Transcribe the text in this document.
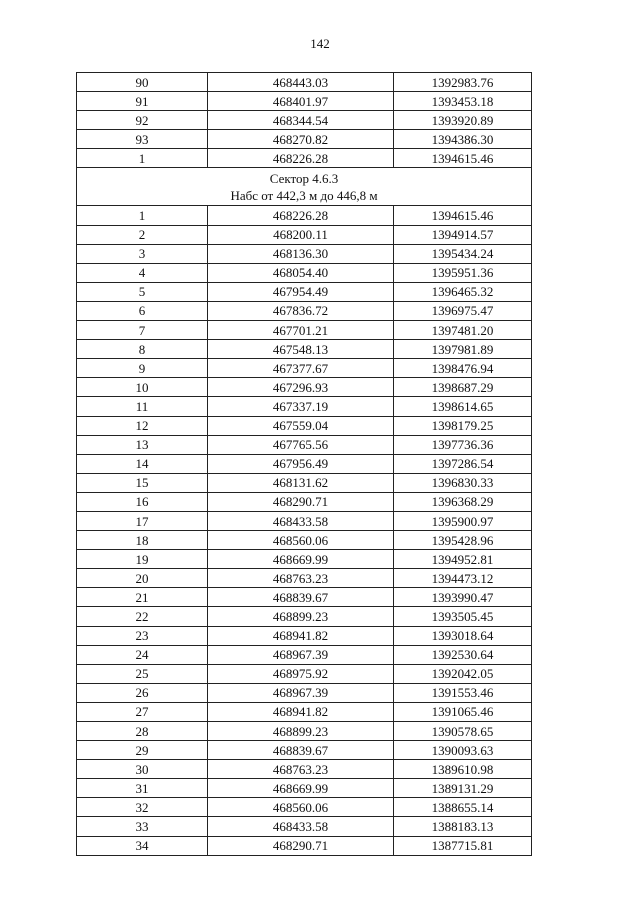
142
90	468443.03	1392983.76
91	468401.97	1393453.18
92	468344.54	1393920.89
93	468270.82	1394386.30
1	468226.28	1394615.46

Сектор 4.6.3
Набс от 442,3 м до 446,8 м		

1	468226.28	1394615.46
2	468200.11	1394914.57
3	468136.30	1395434.24
4	468054.40	1395951.36
5	467954.49	1396465.32
6	467836.72	1396975.47
7	467701.21	1397481.20
8	467548.13	1397981.89
9	467377.67	1398476.94
10	467296.93	1398687.29
11	467337.19	1398614.65
12	467559.04	1398179.25
13	467765.56	1397736.36
14	467956.49	1397286.54
15	468131.62	1396830.33
16	468290.71	1396368.29
17	468433.58	1395900.97
18	468560.06	1395428.96
19	468669.99	1394952.81
20	468763.23	1394473.12
21	468839.67	1393990.47
22	468899.23	1393505.45
23	468941.82	1393018.64
24	468967.39	1392530.64
25	468975.92	1392042.05
26	468967.39	1391553.46
27	468941.82	1391065.46
28	468899.23	1390578.65
29	468839.67	1390093.63
30	468763.23	1389610.98
31	468669.99	1389131.29
32	468560.06	1388655.14
33	468433.58	1388183.13
34	468290.71	1387715.81
